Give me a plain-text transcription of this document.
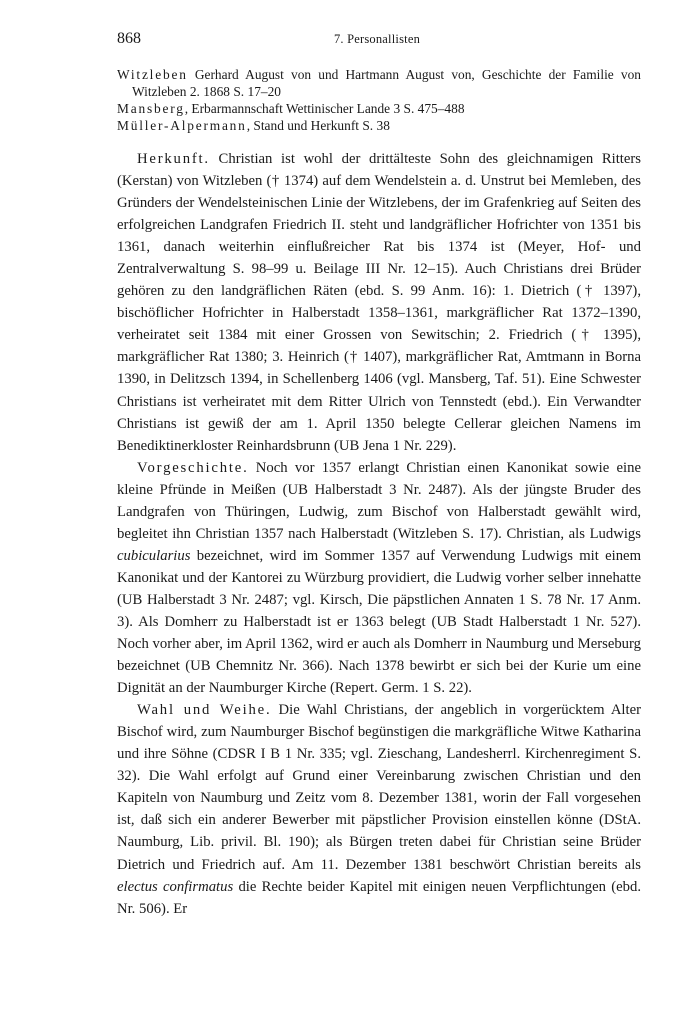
868	7. Personallisten

Witzleben Gerhard August von und Hartmann August von, Geschichte der Familie von Witzleben 2. 1868 S. 17–20

Mansberg, Erbarmannschaft Wettinischer Lande 3 S. 475–488

Müller-Alpermann, Stand und Herkunft S. 38

Herkunft. Christian ist wohl der drittälteste Sohn des gleichnamigen Ritters (Kerstan) von Witzleben († 1374) auf dem Wendelstein a. d. Unstrut bei Memleben, des Gründers der Wendelsteinischen Linie der Witzlebens, der im Grafenkrieg auf Seiten des erfolgreichen Landgrafen Friedrich II. steht und landgräflicher Hofrichter von 1351 bis 1361, danach weiterhin einflußreicher Rat bis 1374 ist (Meyer, Hof- und Zentralverwaltung S. 98–99 u. Beilage III Nr. 12–15). Auch Christians drei Brüder gehören zu den landgräflichen Räten (ebd. S. 99 Anm. 16): 1. Dietrich († 1397), bischöflicher Hofrichter in Halberstadt 1358–1361, markgräflicher Rat 1372–1390, verheiratet seit 1384 mit einer Grossen von Sewitschin; 2. Friedrich († 1395), markgräflicher Rat 1380; 3. Heinrich († 1407), markgräflicher Rat, Amtmann in Borna 1390, in Delitzsch 1394, in Schellenberg 1406 (vgl. Mansberg, Taf. 51). Eine Schwester Christians ist verheiratet mit dem Ritter Ulrich von Tennstedt (ebd.). Ein Verwandter Christians ist gewiß der am 1. April 1350 belegte Cellerar gleichen Namens im Benediktinerkloster Reinhardsbrunn (UB Jena 1 Nr. 229).

Vorgeschichte. Noch vor 1357 erlangt Christian einen Kanonikat sowie eine kleine Pfründe in Meißen (UB Halberstadt 3 Nr. 2487). Als der jüngste Bruder des Landgrafen von Thüringen, Ludwig, zum Bischof von Halberstadt gewählt wird, begleitet ihn Christian 1357 nach Halberstadt (Witzleben S. 17). Christian, als Ludwigs cubicularius bezeichnet, wird im Sommer 1357 auf Verwendung Ludwigs mit einem Kanonikat und der Kantorei zu Würzburg providiert, die Ludwig vorher selber innehatte (UB Halberstadt 3 Nr. 2487; vgl. Kirsch, Die päpstlichen Annaten 1 S. 78 Nr. 17 Anm. 3). Als Domherr zu Halberstadt ist er 1363 belegt (UB Stadt Halberstadt 1 Nr. 527). Noch vorher aber, im April 1362, wird er auch als Domherr in Naumburg und Merseburg bezeichnet (UB Chemnitz Nr. 366). Nach 1378 bewirbt er sich bei der Kurie um eine Dignität an der Naumburger Kirche (Repert. Germ. 1 S. 22).

Wahl und Weihe. Die Wahl Christians, der angeblich in vorgerücktem Alter Bischof wird, zum Naumburger Bischof begünstigen die markgräfliche Witwe Katharina und ihre Söhne (CDSR I B 1 Nr. 335; vgl. Zieschang, Landesherrl. Kirchenregiment S. 32). Die Wahl erfolgt auf Grund einer Vereinbarung zwischen Christian und den Kapiteln von Naumburg und Zeitz vom 8. Dezember 1381, worin der Fall vorgesehen ist, daß sich ein anderer Bewerber mit päpstlicher Provision einstellen könne (DStA. Naumburg, Lib. privil. Bl. 190); als Bürgen treten dabei für Christian seine Brüder Dietrich und Friedrich auf. Am 11. Dezember 1381 beschwört Christian bereits als electus confirmatus die Rechte beider Kapitel mit einigen neuen Verpflichtungen (ebd. Nr. 506). Er
